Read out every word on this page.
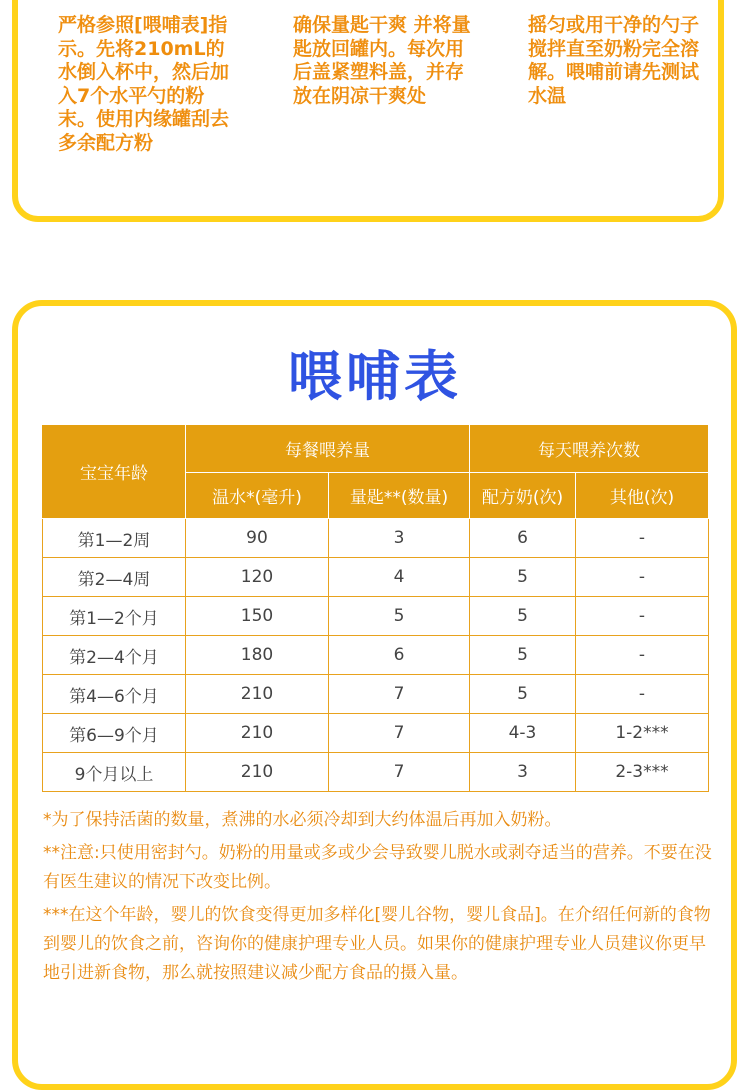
严格参照[喂哺表]指示。先将210mL的水倒入杯中，然后加入7个水平勺的粉末。使用内缘罐刮去多余配方粉
确保量匙干爽 并将量匙放回罐内。每次用后盖紧塑料盖，并存放在阴凉干爽处
摇匀或用干净的勺子搅拌直至奶粉完全溶解。喂哺前请先测试水温
喂哺表
宝宝年龄	每餐喂养量		每天喂养次数	
	温水*(毫升)	量匙**(数量)	配方奶(次)	其他(次)
第1—2周	90	3	6	-
第2—4周	120	4	5	-
第1—2个月	150	5	5	-
第2—4个月	180	6	5	-
第4—6个月	210	7	5	-
第6—9个月	210	7	4-3	1-2***
9个月以上	210	7	3	2-3***

*为了保持活菌的数量，煮沸的水必须冷却到大约体温后再加入奶粉。

**注意:只使用密封勺。奶粉的用量或多或少会导致婴儿脱水或剥夺适当的营养。不要在没有医生建议的情况下改变比例。

***在这个年龄，婴儿的饮食变得更加多样化[婴儿谷物，婴儿食品]。在介绍任何新的食物到婴儿的饮食之前，咨询你的健康护理专业人员。如果你的健康护理专业人员建议你更早地引进新食物，那么就按照建议减少配方食品的摄入量。
